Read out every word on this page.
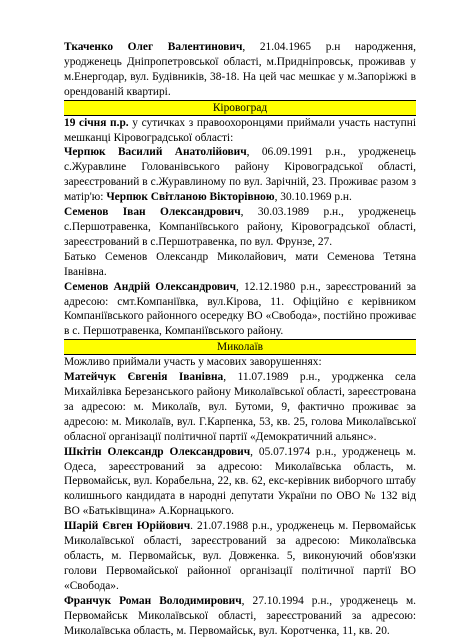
Ткаченко Олег Валентинович, 21.04.1965 р.н народження, уродженець Дніпропетровської області, м.Придніпровськ, проживав у м.Енергодар, вул. Будівників, 38-18. На цей час мешкає у м.Запоріжжі в орендованій квартирі.

Кіровоград

19 січня п.р. у сутичках з правоохоронцями приймали участь наступні мешканці Кіровоградської області:

Черпюк Василий Анатолійович, 06.09.1991 р.н., уродженець с.Журавлине Голованівського району Кіровоградської області, зареєстрований в с.Журавлиному по вул. Зарічній, 23. Проживає разом з матір'ю: Черпюк Світланою Вікторівною, 30.10.1969 р.н.

Семенов Іван Олександрович, 30.03.1989 р.н., уродженець с.Першотравенка, Компаніївського району, Кіровоградської області, зареєстрований в с.Першотравенка, по вул. Фрунзе, 27.

Батько Семенов Олександр Миколайович, мати Семенова Тетяна Іванівна.

Семенов Андрій Олександрович, 12.12.1980 р.н., зареєстрований за адресою: смт.Компаніївка, вул.Кірова, 11. Офіційно є керівником Компаніївського районного осередку ВО «Свобода», постійно проживає в с. Першотравенка, Компаніївського району.

Миколаїв

Можливо приймали участь у масових заворушеннях:

Матейчук Євгенія Іванівна, 11.07.1989 р.н., уродженка села Михайлівка Березанського району Миколаївської області, зареєстрована за адресою: м. Миколаїв, вул. Бутоми, 9, фактично проживає за адресою: м. Миколаїв, вул. Г.Карпенка, 53, кв. 25, голова Миколаївської обласної організації політичної партії «Демократичний альянс».

Шкітін Олександр Олександрович, 05.07.1974 р.н., уродженець м. Одеса, зареєстрований за адресою: Миколаївська область, м. Первомайськ, вул. Корабельна, 22, кв. 62, екс-керівник виборчого штабу колишнього кандидата в народні депутати України по ОВО № 132 від ВО «Батьківщина» А.Корнацького.

Шарій Євген Юрійович. 21.07.1988 р.н., уродженець м. Первомайськ Миколаївської області, зареєстрований за адресою: Миколаївська область, м. Первомайськ, вул. Довженка. 5, виконуючий обов'язки голови Первомайської районної організації політичної партії ВО «Свобода».

Франчук Роман Володимирович, 27.10.1994 р.н., уродженець м. Первомайськ Миколаївської області, зареєстрований за адресою: Миколаївська область, м. Первомайськ, вул. Коротченка, 11, кв. 20.
